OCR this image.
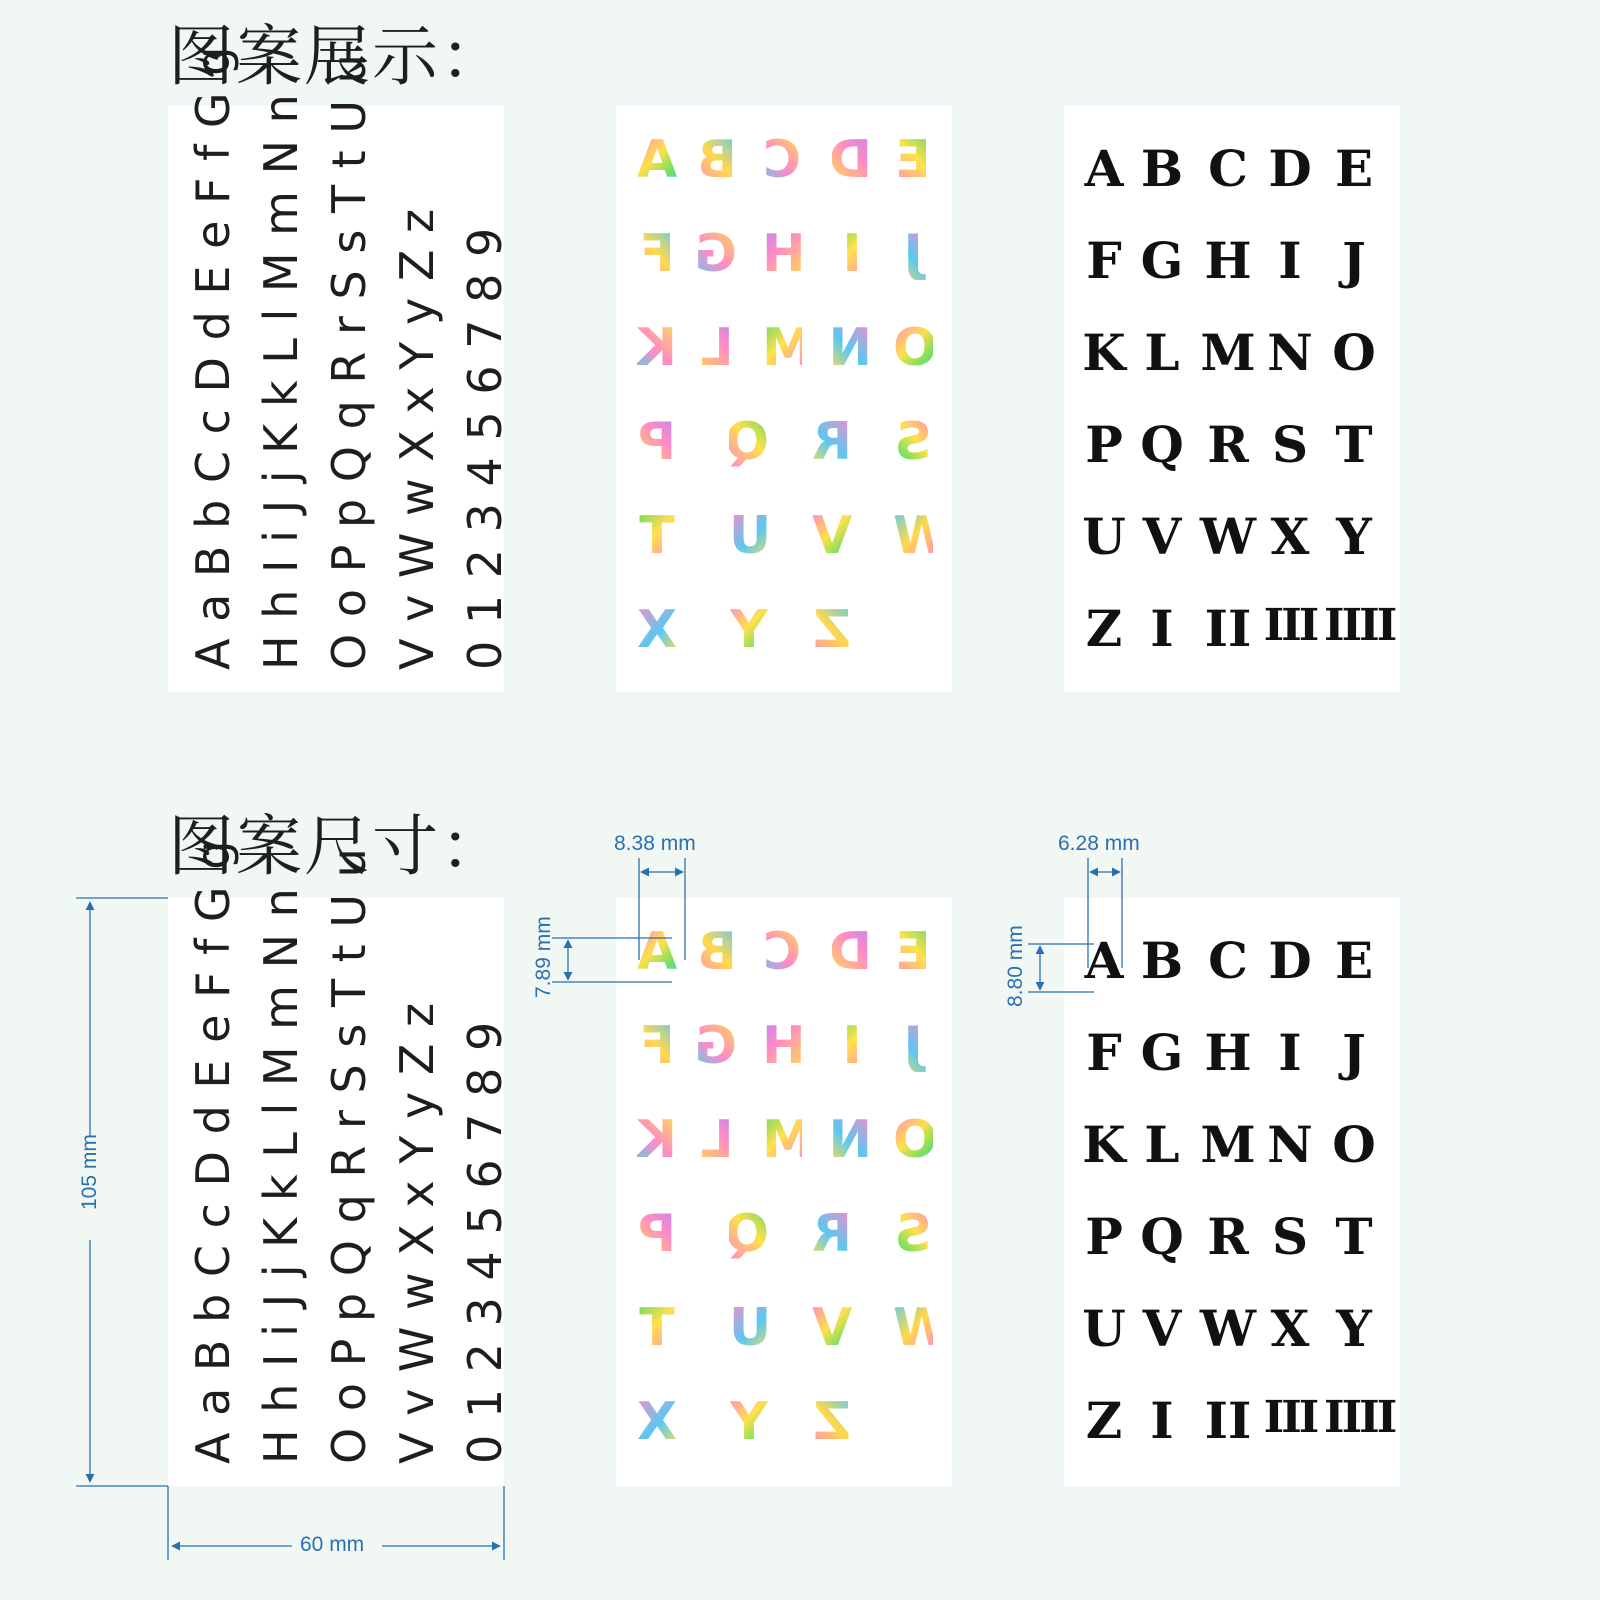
图案展示：
图案尺寸：
A a B b C c D d E e F f G g H h I i J j K k L l M m N n O o P p Q q R r S s T t U u V v W w X x Y y Z z 0 1 2 3 4 5 6 7 8 9
A B C D E
F G H I J
K L M N O
P Q R S
T U V W
X Y Z
A B C D E
F G H I J
K L M N O
P Q R S T
U V W X Y
Z I II III IIII
A a B b C c D d E e F f G g H h I i J j K k L l M m N n O o P p Q q R r S s T t U u V v W w X x Y y Z z 0 1 2 3 4 5 6 7 8 9
A B C D E
F G H I J
K L M N O
P Q R S
T U V W
X Y Z
A B C D E
F G H I J
K L M N O
P Q R S T
U V W X Y
Z I II III IIII
105 mm
60 mm
8.38 mm
7.89 mm
6.28 mm
8.80 mm
